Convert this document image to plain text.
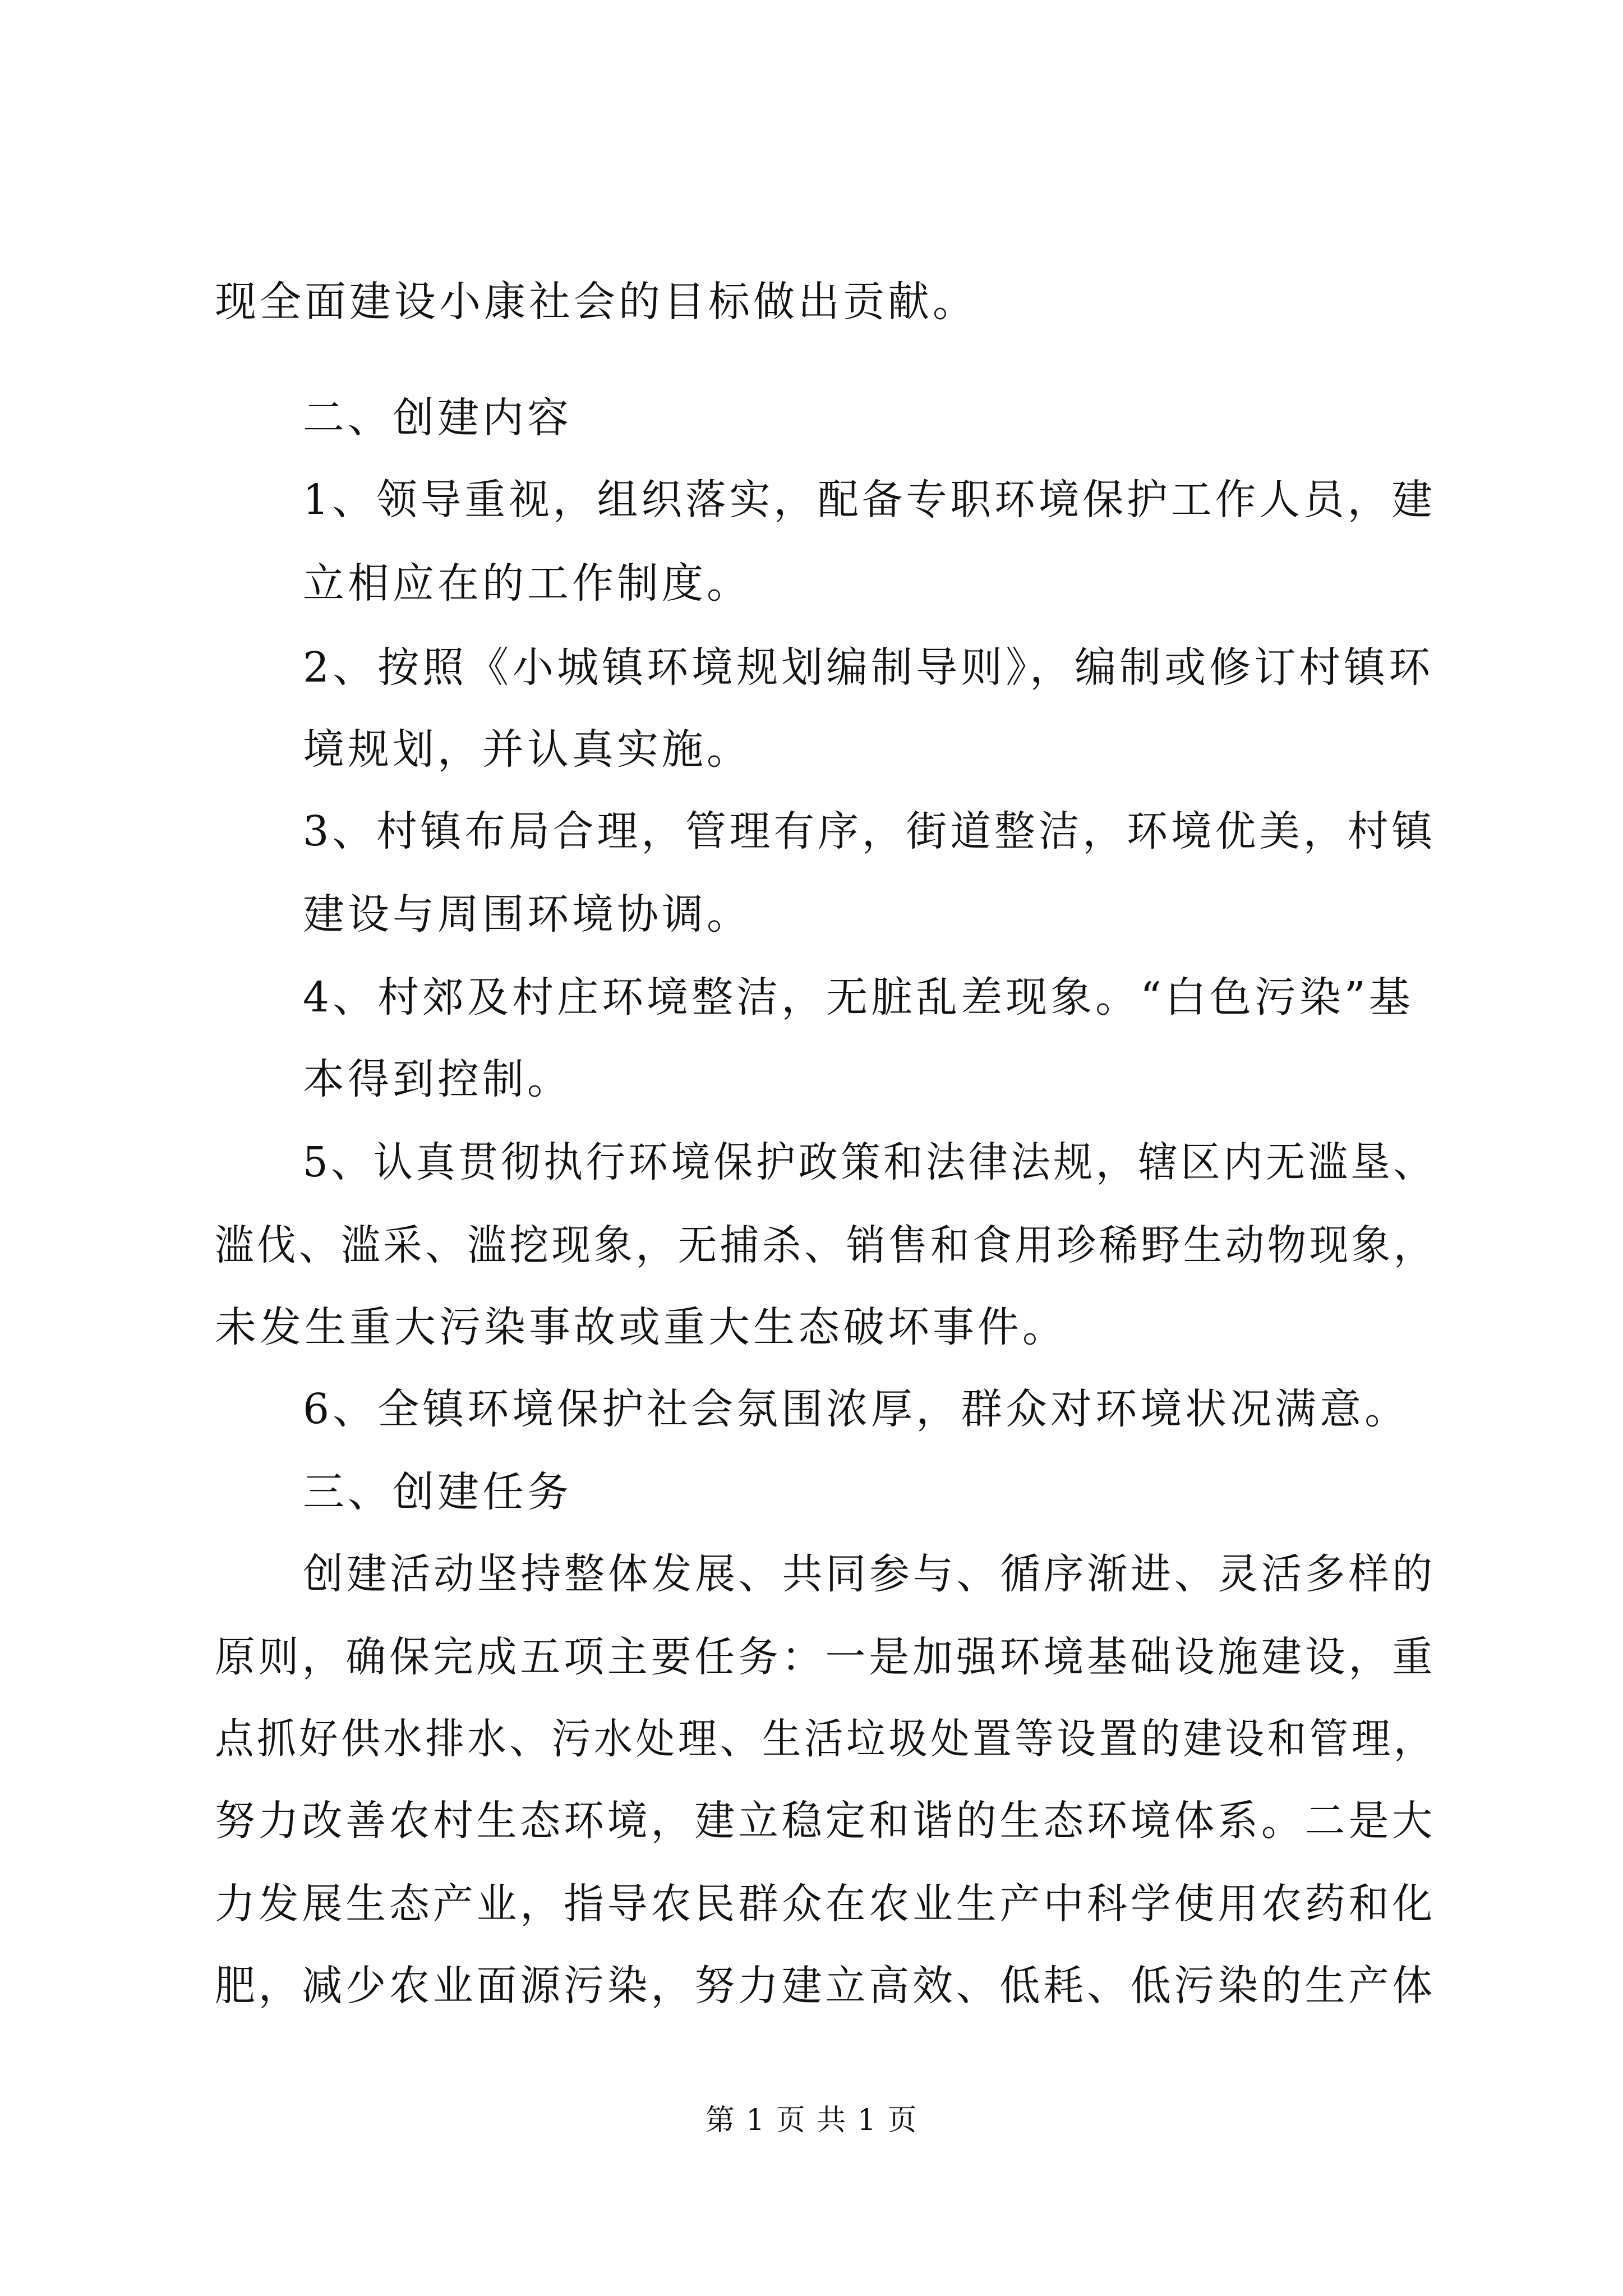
现全面建设小康社会的目标做出贡献。
二、创建内容
1、领导重视，组织落实，配备专职环境保护工作人员，建
立相应在的工作制度。
2、按照《小城镇环境规划编制导则》，编制或修订村镇环
境规划，并认真实施。
3、村镇布局合理，管理有序，街道整洁，环境优美，村镇
建设与周围环境协调。
4、村郊及村庄环境整洁，无脏乱差现象。“白色污染”基
本得到控制。
5、认真贯彻执行环境保护政策和法律法规，辖区内无滥垦、
滥伐、滥采、滥挖现象，无捕杀、销售和食用珍稀野生动物现象，
未发生重大污染事故或重大生态破坏事件。
6、全镇环境保护社会氛围浓厚，群众对环境状况满意。
三、创建任务
创建活动坚持整体发展、共同参与、循序渐进、灵活多样的
原则，确保完成五项主要任务：一是加强环境基础设施建设，重
点抓好供水排水、污水处理、生活垃圾处置等设置的建设和管理，
努力改善农村生态环境，建立稳定和谐的生态环境体系。二是大
力发展生态产业，指导农民群众在农业生产中科学使用农药和化
肥，减少农业面源污染，努力建立高效、低耗、低污染的生产体
第 1 页 共 1 页
